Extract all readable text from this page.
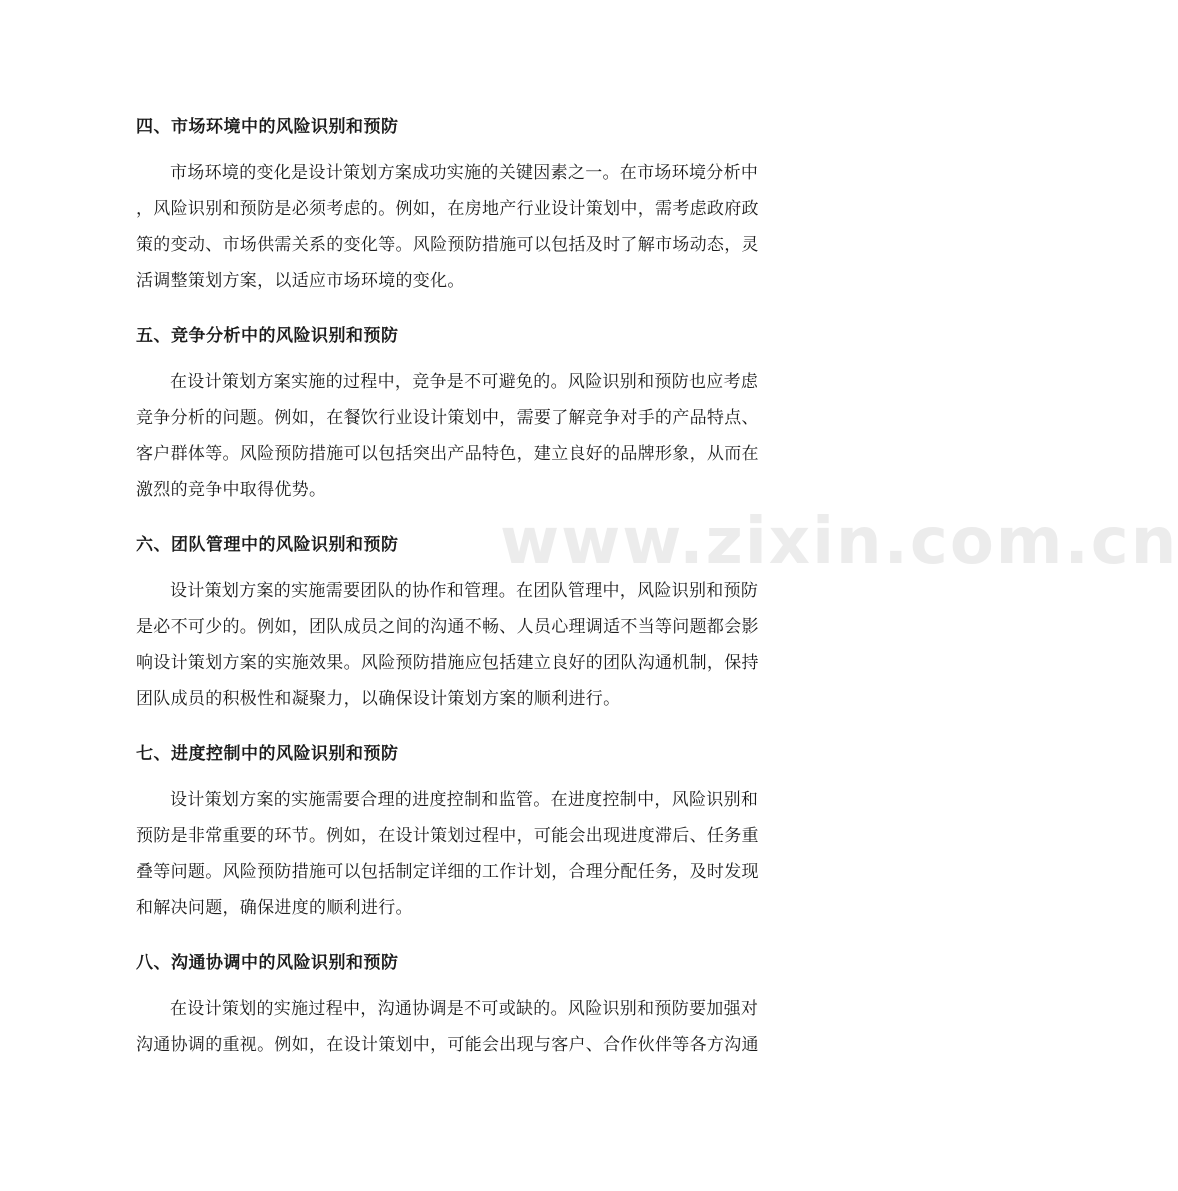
www.zixin.com.cn
四、市场环境中的风险识别和预防
市场环境的变化是设计策划方案成功实施的关键因素之一。在市场环境分析中
，风险识别和预防是必须考虑的。例如，在房地产行业设计策划中，需考虑政府政
策的变动、市场供需关系的变化等。风险预防措施可以包括及时了解市场动态，灵
活调整策划方案，以适应市场环境的变化。
五、竞争分析中的风险识别和预防
在设计策划方案实施的过程中，竞争是不可避免的。风险识别和预防也应考虑
竞争分析的问题。例如，在餐饮行业设计策划中，需要了解竞争对手的产品特点、
客户群体等。风险预防措施可以包括突出产品特色，建立良好的品牌形象，从而在
激烈的竞争中取得优势。
六、团队管理中的风险识别和预防
设计策划方案的实施需要团队的协作和管理。在团队管理中，风险识别和预防
是必不可少的。例如，团队成员之间的沟通不畅、人员心理调适不当等问题都会影
响设计策划方案的实施效果。风险预防措施应包括建立良好的团队沟通机制，保持
团队成员的积极性和凝聚力，以确保设计策划方案的顺利进行。
七、进度控制中的风险识别和预防
设计策划方案的实施需要合理的进度控制和监管。在进度控制中，风险识别和
预防是非常重要的环节。例如，在设计策划过程中，可能会出现进度滞后、任务重
叠等问题。风险预防措施可以包括制定详细的工作计划，合理分配任务，及时发现
和解决问题，确保进度的顺利进行。
八、沟通协调中的风险识别和预防
在设计策划的实施过程中，沟通协调是不可或缺的。风险识别和预防要加强对
沟通协调的重视。例如，在设计策划中，可能会出现与客户、合作伙伴等各方沟通
